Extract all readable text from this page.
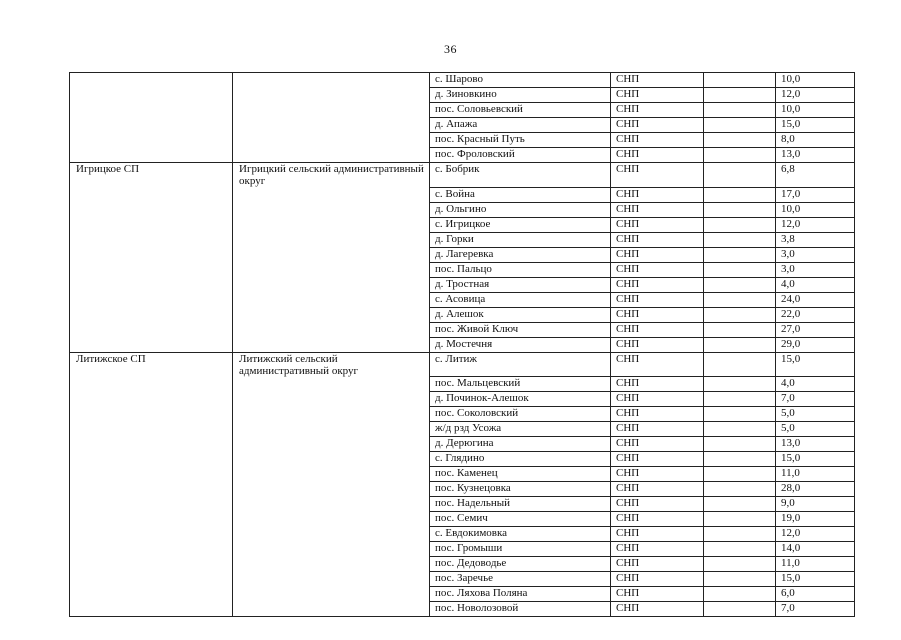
36
		с. Шарово	СНП		10,0
		д. Зиновкино	СНП		12,0
		пос. Соловьевский	СНП		10,0
		д. Апажа	СНП		15,0
		пос. Красный Путь	СНП		8,0
		пос. Фроловский	СНП		13,0
Игрицкое СП	Игрицкий сельский административный округ	с. Бобрик	СНП		6,8
		с. Война	СНП		17,0
		д. Ольгино	СНП		10,0
		с. Игрицкое	СНП		12,0
		д. Горки	СНП		3,8
		д. Лагеревка	СНП		3,0
		пос. Пальцо	СНП		3,0
		д. Тростная	СНП		4,0
		с. Асовица	СНП		24,0
		д. Алешок	СНП		22,0
		пос. Живой Ключ	СНП		27,0
		д. Мостечня	СНП		29,0
Литижское СП	Литижский сельский административный округ	с. Литиж	СНП		15,0
		пос. Мальцевский	СНП		4,0
		д. Починок-Алешок	СНП		7,0
		пос. Соколовский	СНП		5,0
		ж/д рзд Усожа	СНП		5,0
		д. Дерюгина	СНП		13,0
		с. Глядино	СНП		15,0
		пос. Каменец	СНП		11,0
		пос. Кузнецовка	СНП		28,0
		пос. Надельный	СНП		9,0
		пос. Семич	СНП		19,0
		с. Евдокимовка	СНП		12,0
		пос. Громыши	СНП		14,0
		пос. Дедоводье	СНП		11,0
		пос. Заречье	СНП		15,0
		пос. Ляхова Поляна	СНП		6,0
		пос. Новолозовой	СНП		7,0
